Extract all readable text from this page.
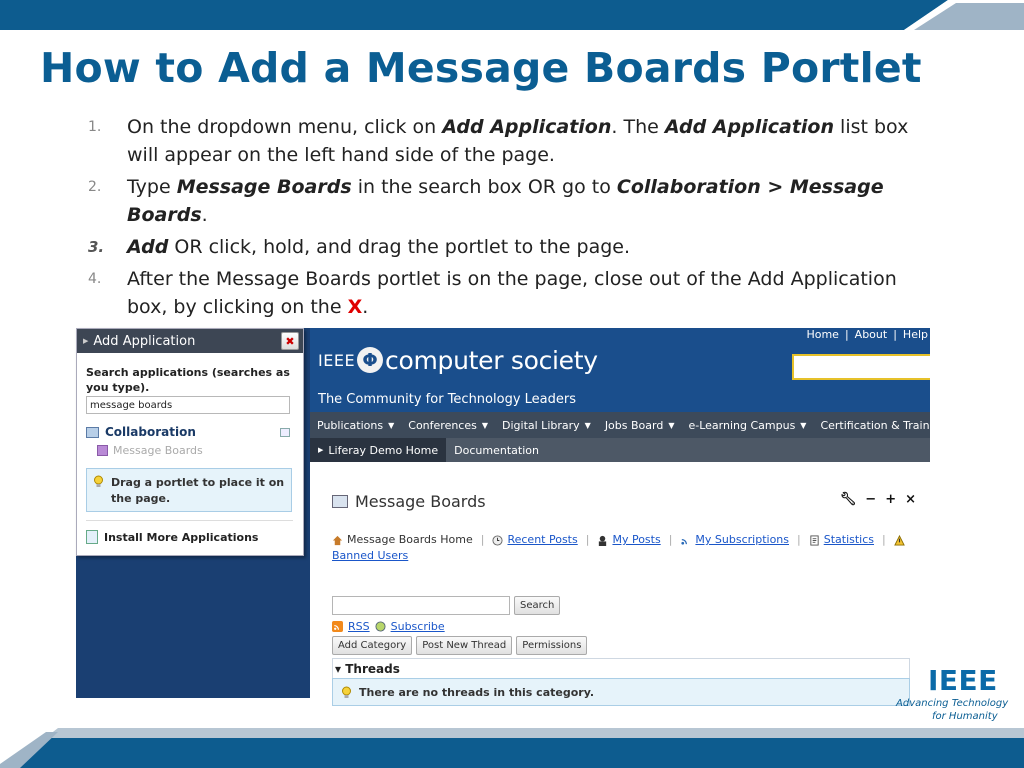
How to Add a Message Boards Portlet
1.	On the dropdown menu, click on Add Application. The Add Application list box will appear on the left hand side of the page.
2.	Type Message Boards in the search box OR go to Collaboration > Message Boards.
3.	Add OR click, hold, and drag the portlet to the page.
4.	After the Message Boards portlet is on the page, close out of the Add Application box, by clicking on the X.
Home | About | Help
IEEE Φ computer society
The Community for Technology Leaders
Publications ▼ Conferences ▼ Digital Library ▼ Jobs Board ▼ e-Learning Campus ▼ Certification & Training
▶ Liferay Demo Home Documentation
Message Boards	🔧︎ − + ×
Message Boards Home | Recent Posts | My Posts | My Subscriptions | Statistics |
Banned Users
Search
RSS Subscribe
Add Category	Post New Thread	Permissions
▾ Threads
There are no threads in this category.
▶ Add Application	✖
Search applications (searches as you type).
message boards
Collaboration
Message Boards
Drag a portlet to place it on the page.
Install More Applications
IEEE
Advancing Technology
for Humanity
